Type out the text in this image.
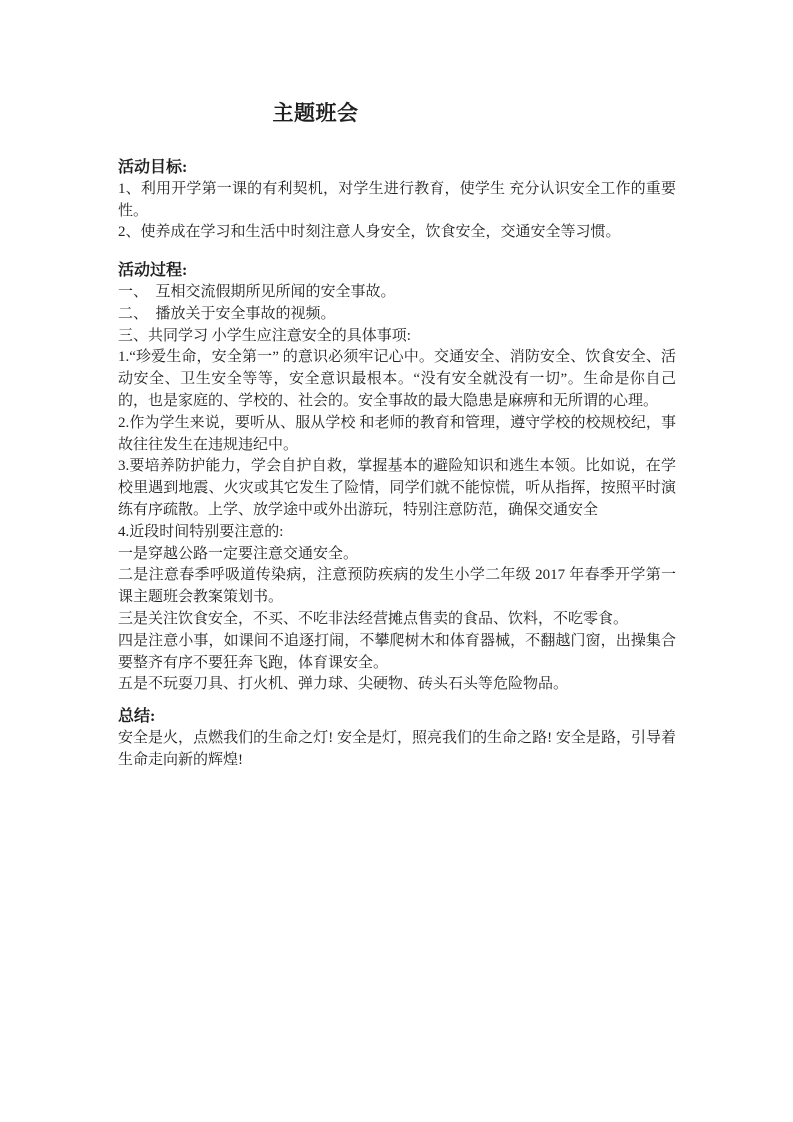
主题班会
活动目标:

1、利用开学第一课的有利契机，对学生进行教育，使学生 充分认识安全工作的重要性。

2、使养成在学习和生活中时刻注意人身安全，饮食安全，交通安全等习惯。

活动过程:

一、　互相交流假期所见所闻的安全事故。

二、　播放关于安全事故的视频。

三、共同学习 小学生应注意安全的具体事项:

1.“珍爱生命，安全第一” 的意识必须牢记心中。交通安全、消防安全、饮食安全、活动安全、卫生安全等等，安全意识最根本。“没有安全就没有一切”。生命是你自己的，也是家庭的、学校的、社会的。安全事故的最大隐患是麻痹和无所谓的心理。

2.作为学生来说，要听从、服从学校 和老师的教育和管理，遵守学校的校规校纪，事故往往发生在违规违纪中。

3.要培养防护能力，学会自护自救，掌握基本的避险知识和逃生本领。比如说，在学校里遇到地震、火灾或其它发生了险情，同学们就不能惊慌，听从指挥，按照平时演练有序疏散。上学、放学途中或外出游玩，特别注意防范，确保交通安全

4.近段时间特别要注意的:

一是穿越公路一定要注意交通安全。

二是注意春季呼吸道传染病，注意预防疾病的发生小学二年级 2017 年春季开学第一课主题班会教案策划书。

三是关注饮食安全，不买、不吃非法经营摊点售卖的食品、饮料，不吃零食。

四是注意小事，如课间不追逐打闹，不攀爬树木和体育器械，不翻越门窗，出操集合要整齐有序不要狂奔飞跑，体育课安全。

五是不玩耍刀具、打火机、弹力球、尖硬物、砖头石头等危险物品。

总结:

安全是火，点燃我们的生命之灯! 安全是灯，照亮我们的生命之路! 安全是路，引导着生命走向新的辉煌!
